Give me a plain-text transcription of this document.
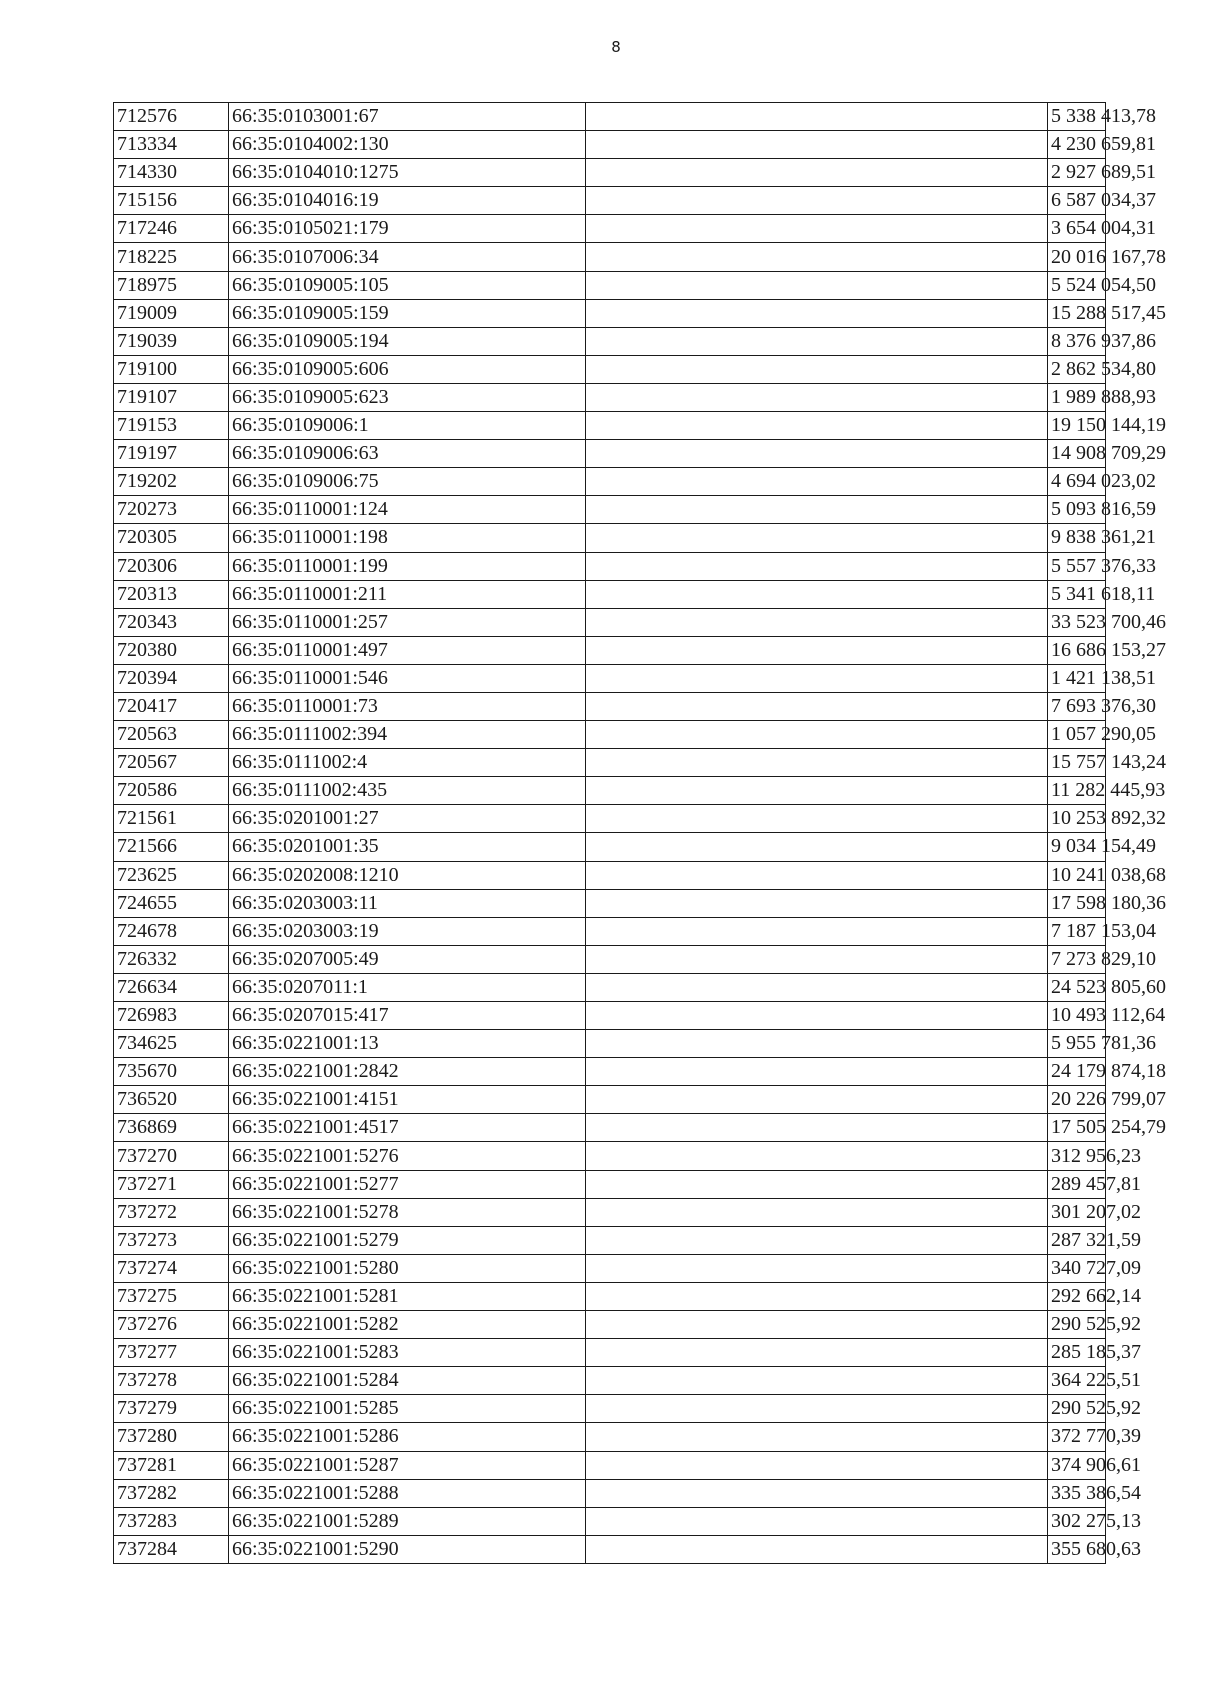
8
712576	66:35:0103001:67		5 338 413,78
713334	66:35:0104002:130		4 230 659,81
714330	66:35:0104010:1275		2 927 689,51
715156	66:35:0104016:19		6 587 034,37
717246	66:35:0105021:179		3 654 004,31
718225	66:35:0107006:34		20 016 167,78
718975	66:35:0109005:105		5 524 054,50
719009	66:35:0109005:159		15 288 517,45
719039	66:35:0109005:194		8 376 937,86
719100	66:35:0109005:606		2 862 534,80
719107	66:35:0109005:623		1 989 888,93
719153	66:35:0109006:1		19 150 144,19
719197	66:35:0109006:63		14 908 709,29
719202	66:35:0109006:75		4 694 023,02
720273	66:35:0110001:124		5 093 816,59
720305	66:35:0110001:198		9 838 361,21
720306	66:35:0110001:199		5 557 376,33
720313	66:35:0110001:211		5 341 618,11
720343	66:35:0110001:257		33 523 700,46
720380	66:35:0110001:497		16 686 153,27
720394	66:35:0110001:546		1 421 138,51
720417	66:35:0110001:73		7 693 376,30
720563	66:35:0111002:394		1 057 290,05
720567	66:35:0111002:4		15 757 143,24
720586	66:35:0111002:435		11 282 445,93
721561	66:35:0201001:27		10 253 892,32
721566	66:35:0201001:35		9 034 154,49
723625	66:35:0202008:1210		10 241 038,68
724655	66:35:0203003:11		17 598 180,36
724678	66:35:0203003:19		7 187 153,04
726332	66:35:0207005:49		7 273 829,10
726634	66:35:0207011:1		24 523 805,60
726983	66:35:0207015:417		10 493 112,64
734625	66:35:0221001:13		5 955 781,36
735670	66:35:0221001:2842		24 179 874,18
736520	66:35:0221001:4151		20 226 799,07
736869	66:35:0221001:4517		17 505 254,79
737270	66:35:0221001:5276		312 956,23
737271	66:35:0221001:5277		289 457,81
737272	66:35:0221001:5278		301 207,02
737273	66:35:0221001:5279		287 321,59
737274	66:35:0221001:5280		340 727,09
737275	66:35:0221001:5281		292 662,14
737276	66:35:0221001:5282		290 525,92
737277	66:35:0221001:5283		285 185,37
737278	66:35:0221001:5284		364 225,51
737279	66:35:0221001:5285		290 525,92
737280	66:35:0221001:5286		372 770,39
737281	66:35:0221001:5287		374 906,61
737282	66:35:0221001:5288		335 386,54
737283	66:35:0221001:5289		302 275,13
737284	66:35:0221001:5290		355 680,63
